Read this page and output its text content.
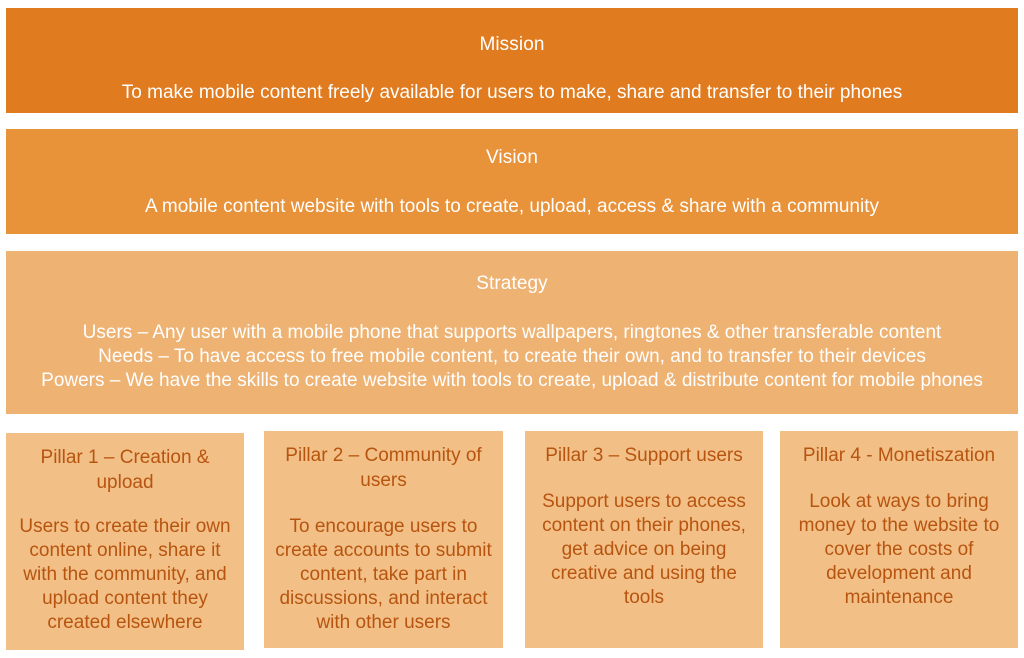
Mission
To make mobile content freely available for users to make, share and transfer to their phones
Vision
A mobile content website with tools to create, upload, access & share with a community
Strategy
Users – Any user with a mobile phone that supports wallpapers, ringtones & other transferable content
Needs – To have access to free mobile content, to create their own, and to transfer to their devices
Powers – We have the skills to create website with tools to create, upload & distribute content for mobile phones
Pillar 1 – Creation & upload
Users to create their own content online, share it with the community, and upload content they created elsewhere
Pillar 2 – Community of users
To encourage users to create accounts to submit content, take part in discussions, and interact with other users
Pillar 3 – Support users
Support users to access content on their phones, get advice on being creative and using the tools
Pillar 4 - Monetiszation
Look at ways to bring money to the website to cover the costs of development and maintenance
